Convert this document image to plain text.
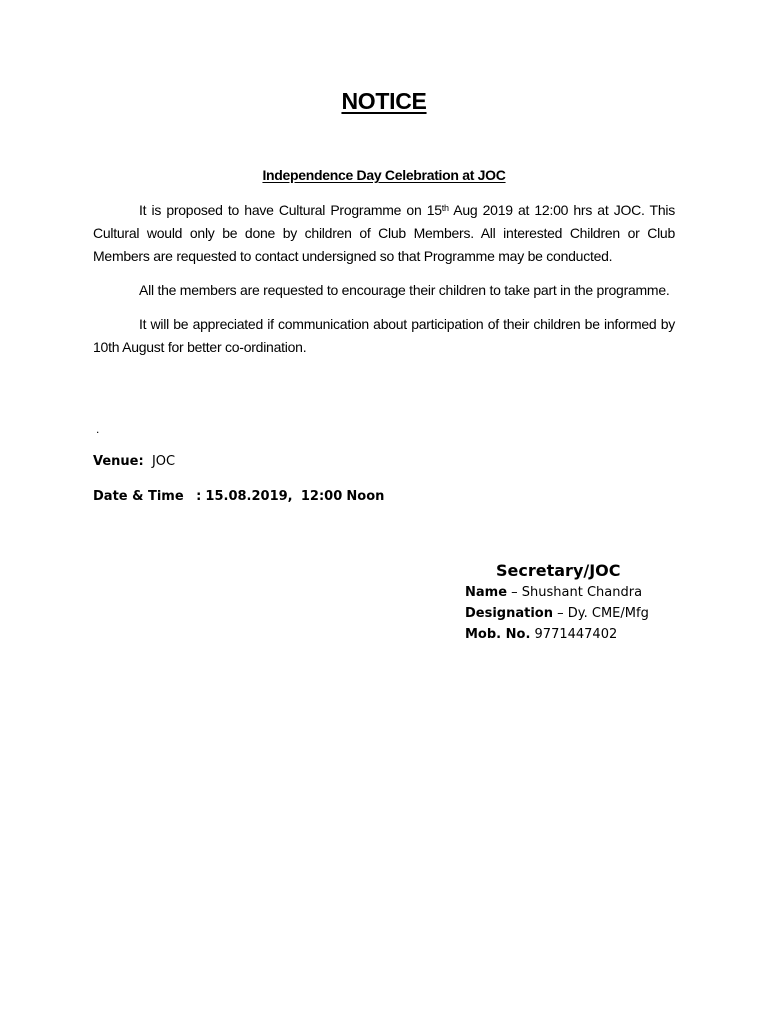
NOTICE
Independence Day Celebration at JOC

It is proposed to have Cultural Programme on 15th Aug 2019 at 12:00 hrs at JOC. This Cultural would only be done by children of Club Members. All interested Children or Club Members are requested to contact undersigned so that Programme may be conducted.

All the members are requested to encourage their children to take part in the programme.

It will be appreciated if communication about participation of their children be informed by 10th August for better co-ordination.

.
Venue: JOC
Date & Time : 15.08.2019, 12:00 Noon
Secretary/JOC
Name – Shushant Chandra
Designation – Dy. CME/Mfg
Mob. No. 9771447402
